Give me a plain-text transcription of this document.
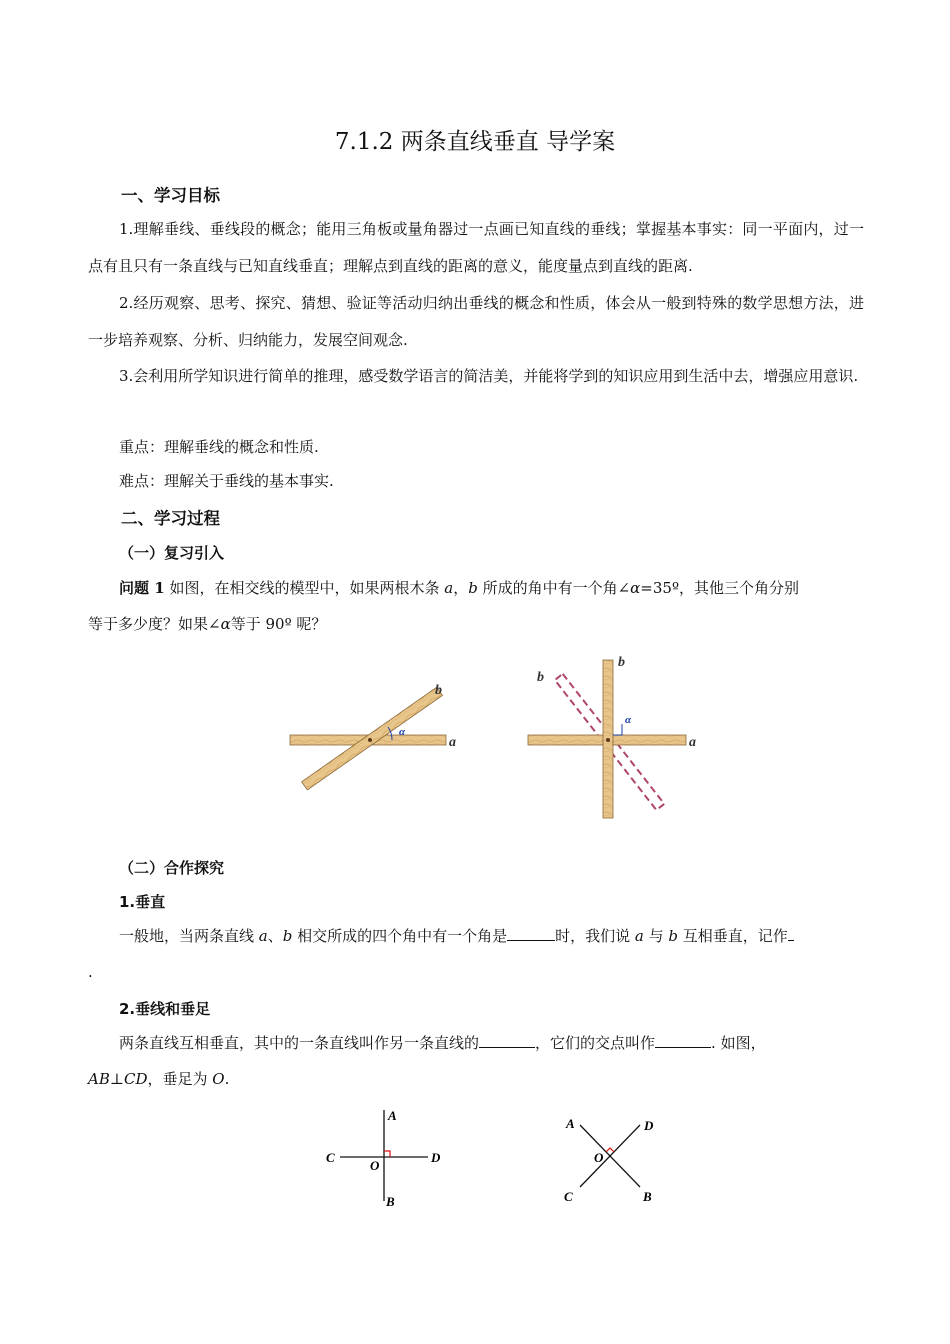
7.1.2 两条直线垂直 导学案
一、学习目标
1.理解垂线、垂线段的概念；能用三角板或量角器过一点画已知直线的垂线；掌握基本事实：同一平面内，过一点有且只有一条直线与已知直线垂直；理解点到直线的距离的意义，能度量点到直线的距离.
2.经历观察、思考、探究、猜想、验证等活动归纳出垂线的概念和性质，体会从一般到特殊的数学思想方法，进一步培养观察、分析、归纳能力，发展空间观念.
3.会利用所学知识进行简单的推理，感受数学语言的简洁美，并能将学到的知识应用到生活中去，增强应用意识.
重点：理解垂线的概念和性质.
难点：理解关于垂线的基本事实.
二、学习过程
（一）复习引入
问题 1 如图，在相交线的模型中，如果两根木条 a，b 所成的角中有一个角∠α=35º，其他三个角分别
等于多少度？如果∠α等于 90º 呢？
α
a
b
α
a
b
b
（二）合作探究
1.垂直
一般地，当两条直线 a、b 相交所成的四个角中有一个角是	时，我们说 a 与 b 互相垂直，记作
.
2.垂线和垂足
两条直线互相垂直，其中的一条直线叫作另一条直线的	，它们的交点叫作	. 如图，
AB⊥CD，垂足为 O.
A
C	D
O
B
A	D
O
C	B
